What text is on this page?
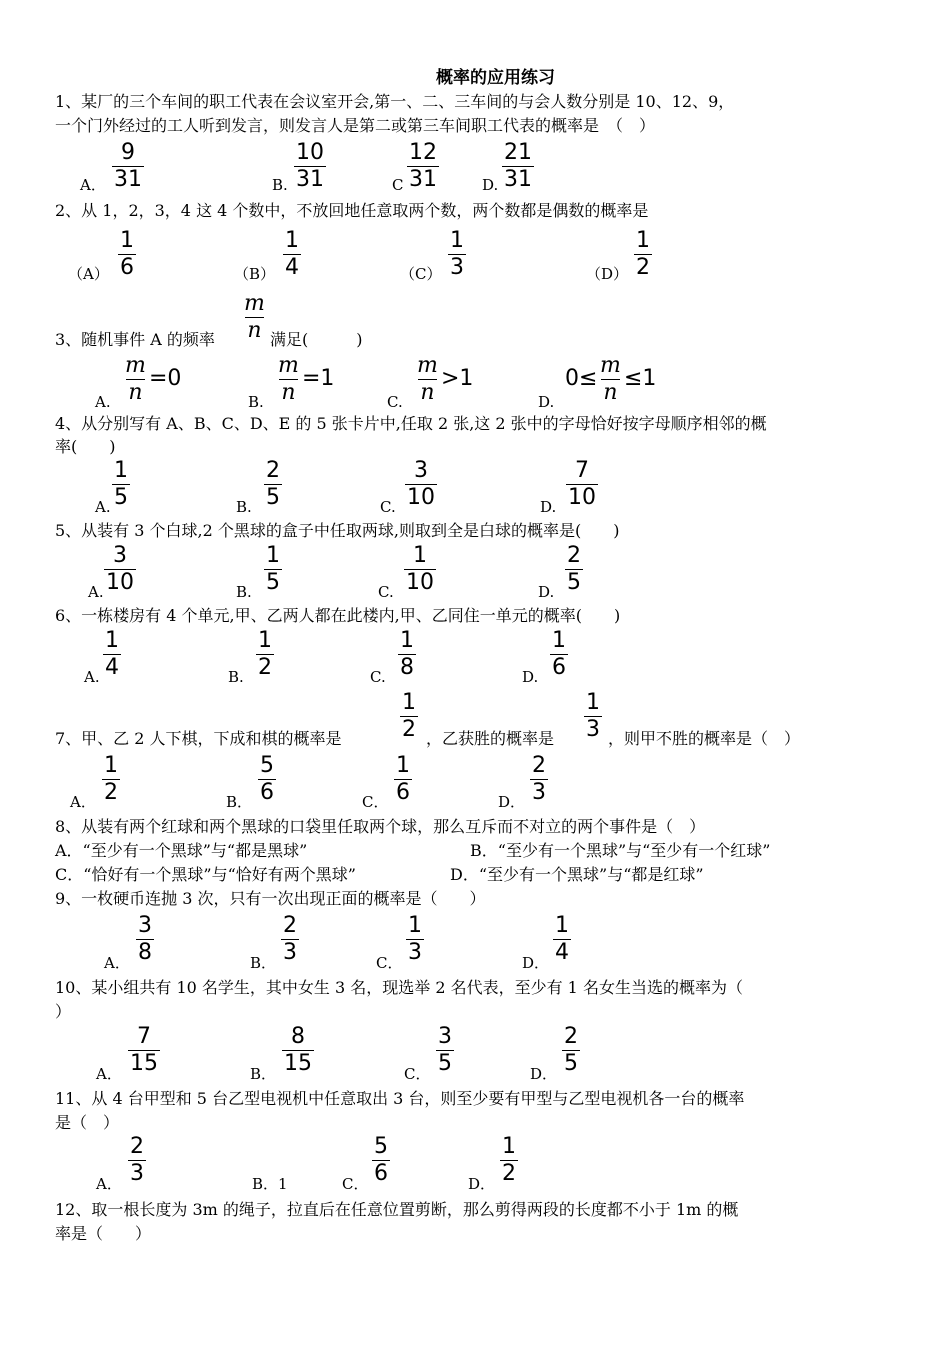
概率的应用练习
1、某厂的三个车间的职工代表在会议室开会,第一、二、三车间的与会人数分别是 10、12、9，
一个门外经过的工人听到发言，则发言人是第二或第三车间职工代表的概率是　（　）
A． $\frac{9}{31}$	B. $\frac{10}{31}$	C $\frac{12}{31}$	D. $\frac{21}{31}$
2、从 1，2，3，4 这 4 个数中，不放回地任意取两个数，两个数都是偶数的概率是
$(A) \frac{1}{6}$	$(B) \frac{1}{4}$	$(C) \frac{1}{3}$	$(D) \frac{1}{2}$
3、随机事件 A 的频率 $\frac{m}{n}$ 满足(　　　)
A. $\frac{m}{n} =0$
B. $\frac{m}{n} =1$
C. $\frac{m}{n} >1$
D.
$0\le \frac{m}{n} \le 1$
4、从分别写有 A、B、C、D、E 的 5 张卡片中,任取 2 张,这 2 张中的字母恰好按字母顺序相邻的概
率(　　)
A. $\frac{1}{5}$	B. $\frac{2}{5}$	C. $\frac{3}{10}$	D. $\frac{7}{10}$
5、从装有 3 个白球,2 个黑球的盒子中任取两球,则取到全是白球的概率是(　　)
A. $\frac{3}{10}$	B. $\frac{1}{5}$	C. $\frac{1}{10}$	D. $\frac{2}{5}$
6、一栋楼房有 4 个单元,甲、乙两人都在此楼内,甲、乙同住一单元的概率(　　)
A. $\frac{1}{4}$	B. $\frac{1}{2}$	C. $\frac{1}{8}$	D. $\frac{1}{6}$
7、甲、乙 2 人下棋，下成和棋的概率是	$\frac{1}{2}$ ，乙获胜的概率是 $\frac{1}{3}$ ，则甲不胜的概率是（　）
A． $\frac{1}{2}$	B． $\frac{5}{6}$	C． $\frac{1}{6}$	D． $\frac{2}{3}$
8、从装有两个红球和两个黑球的口袋里任取两个球，那么互斥而不对立的两个事件是（　）
A．“至少有一个黑球”与“都是黑球”	B．“至少有一个黑球”与“至少有一个红球”
C．“恰好有一个黑球”与“恰好有两个黑球”	D．“至少有一个黑球”与“都是红球”
9、一枚硬币连抛 3 次，只有一次出现正面的概率是（　　）
A． $\frac{3}{8}$	B． $\frac{2}{3}$	C． $\frac{1}{3}$	D． $\frac{1}{4}$
10、某小组共有 10 名学生，其中女生 3 名，现选举 2 名代表，至少有 1 名女生当选的概率为（
）
A． $\frac{7}{15}$	B． $\frac{8}{15}$	C． $\frac{3}{5}$	D． $\frac{2}{5}$
11、从 4 台甲型和 5 台乙型电视机中任意取出 3 台，则至少要有甲型与乙型电视机各一台的概率
是（　）
A． $\frac{2}{3}$	B．1	C． $\frac{5}{6}$	D． $\frac{1}{2}$
12、取一根长度为 3m 的绳子，拉直后在任意位置剪断，那么剪得两段的长度都不小于 1m 的概
率是（　　）
